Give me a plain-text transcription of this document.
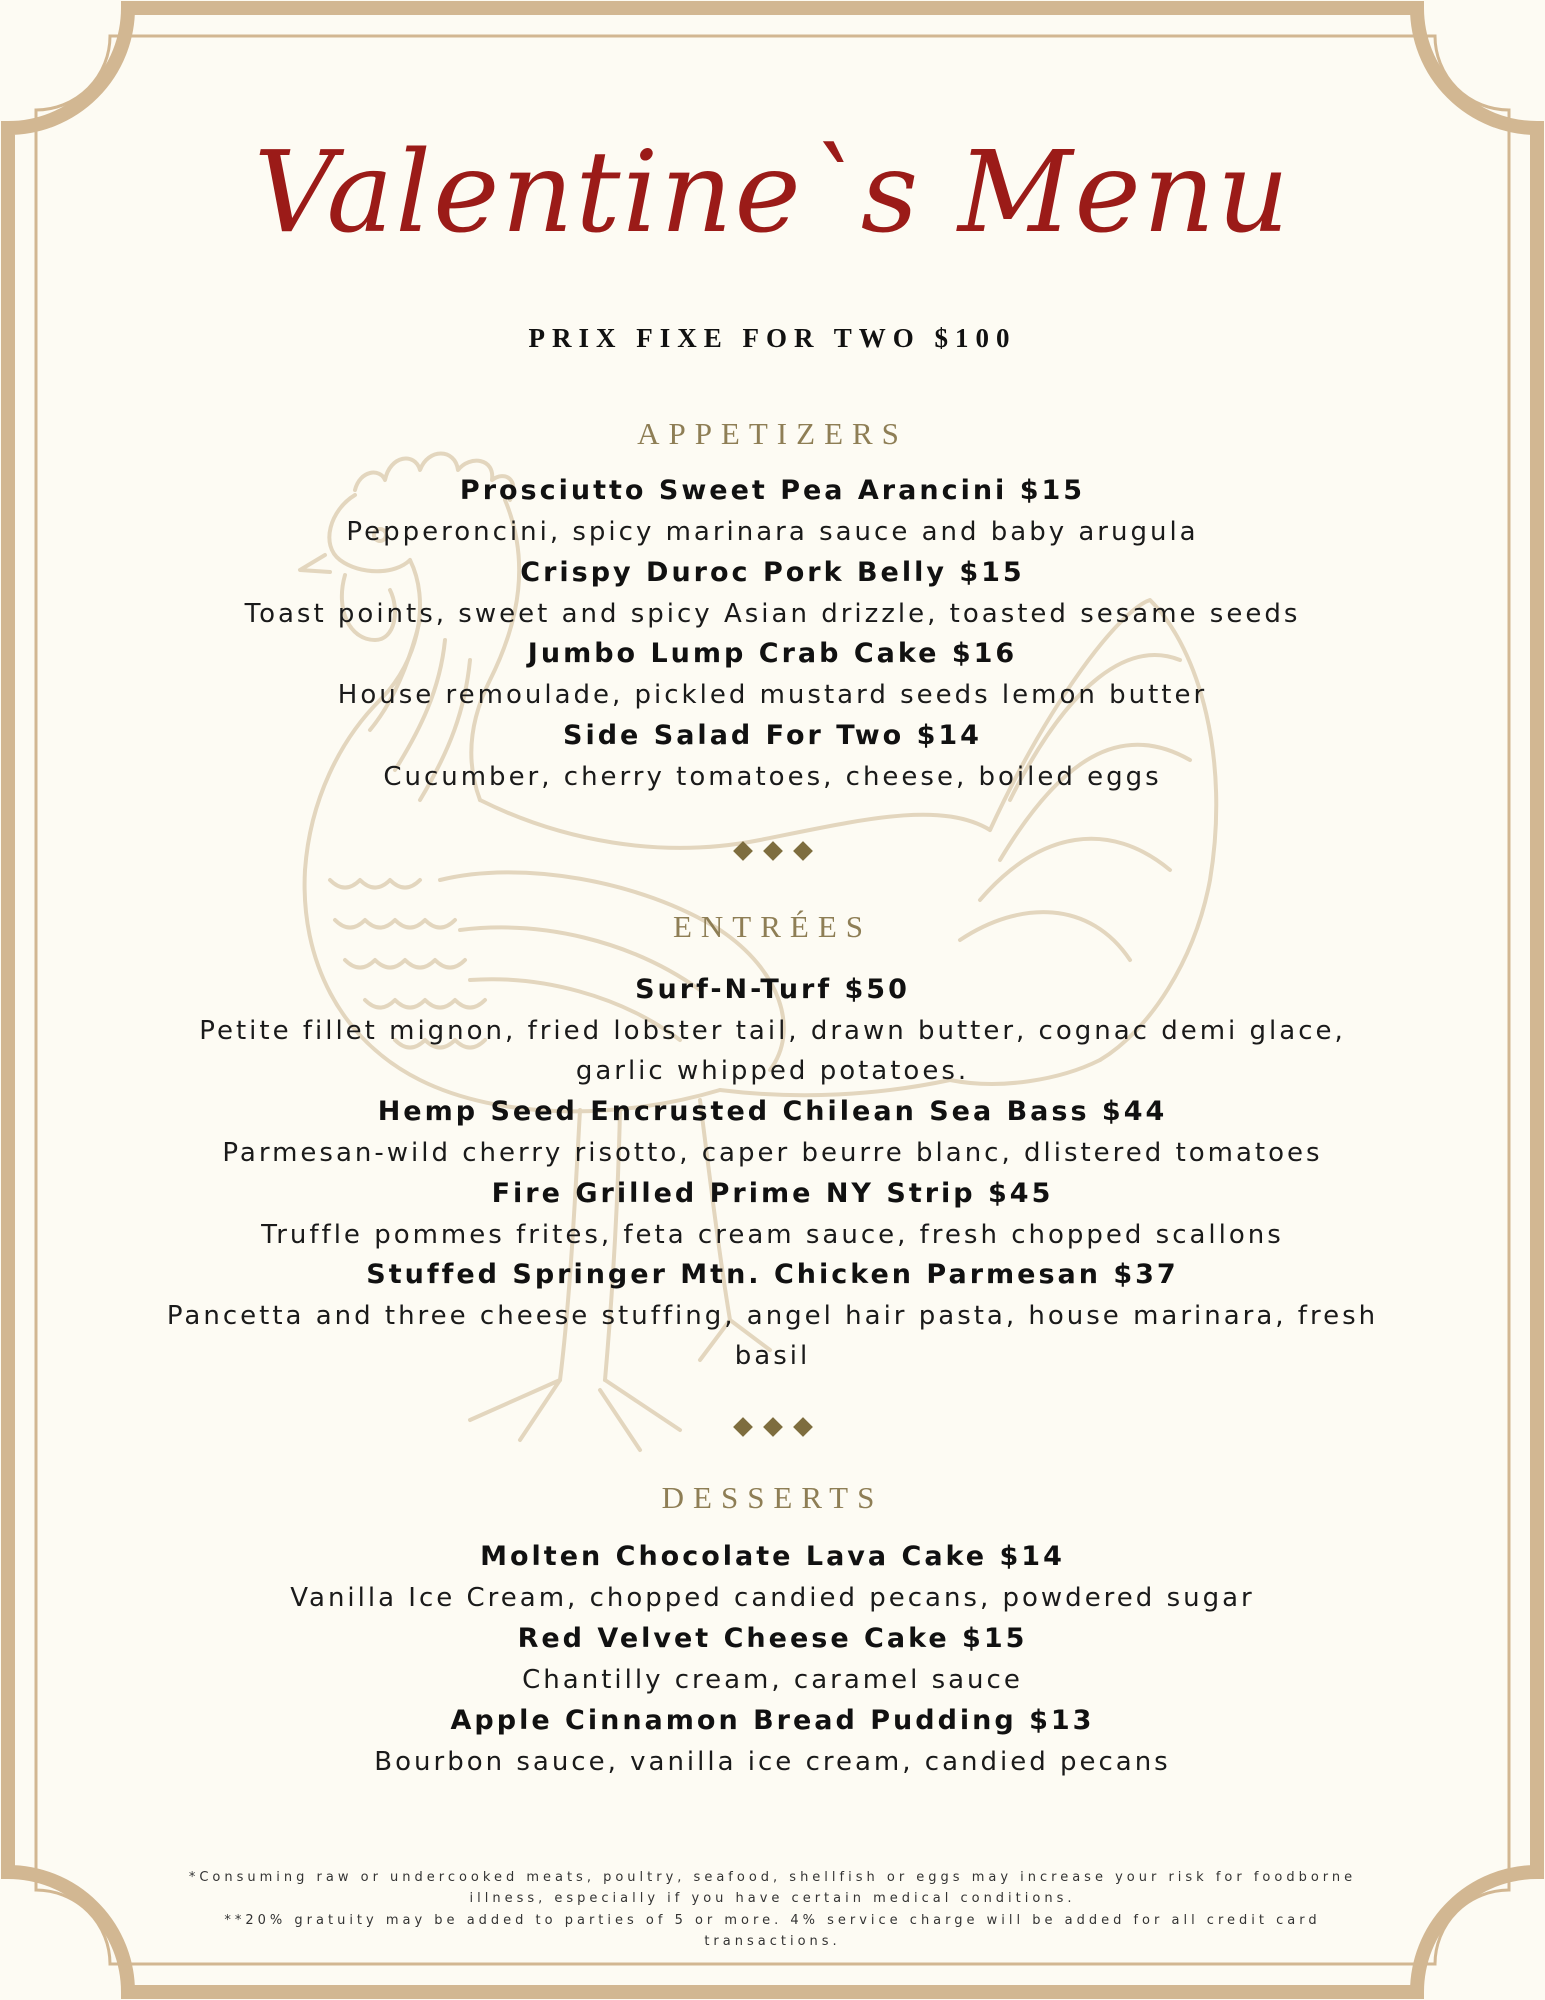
Valentine`s Menu
PRIX FIXE FOR TWO $100
APPETIZERS
Prosciutto Sweet Pea Arancini $15
Pepperoncini, spicy marinara sauce and baby arugula
Crispy Duroc Pork Belly $15
Toast points, sweet and spicy Asian drizzle, toasted sesame seeds
Jumbo Lump Crab Cake $16
House remoulade, pickled mustard seeds lemon butter
Side Salad For Two $14
Cucumber, cherry tomatoes, cheese, boiled eggs
ENTRÉES
Surf-N-Turf $50
Petite fillet mignon, fried lobster tail, drawn butter, cognac demi glace, garlic whipped potatoes.
Hemp Seed Encrusted Chilean Sea Bass $44
Parmesan-wild cherry risotto, caper beurre blanc, dlistered tomatoes
Fire Grilled Prime NY Strip $45
Truffle pommes frites, feta cream sauce, fresh chopped scallons
Stuffed Springer Mtn. Chicken Parmesan $37
Pancetta and three cheese stuffing, angel hair pasta, house marinara, fresh basil
DESSERTS
Molten Chocolate Lava Cake $14
Vanilla Ice Cream, chopped candied pecans, powdered sugar
Red Velvet Cheese Cake $15
Chantilly cream, caramel sauce
Apple Cinnamon Bread Pudding $13
Bourbon sauce, vanilla ice cream, candied pecans
*Consuming raw or undercooked meats, poultry, seafood, shellfish or eggs may increase your risk for foodborne illness, especially if you have certain medical conditions.
**20% gratuity may be added to parties of 5 or more. 4% service charge will be added for all credit card transactions.
